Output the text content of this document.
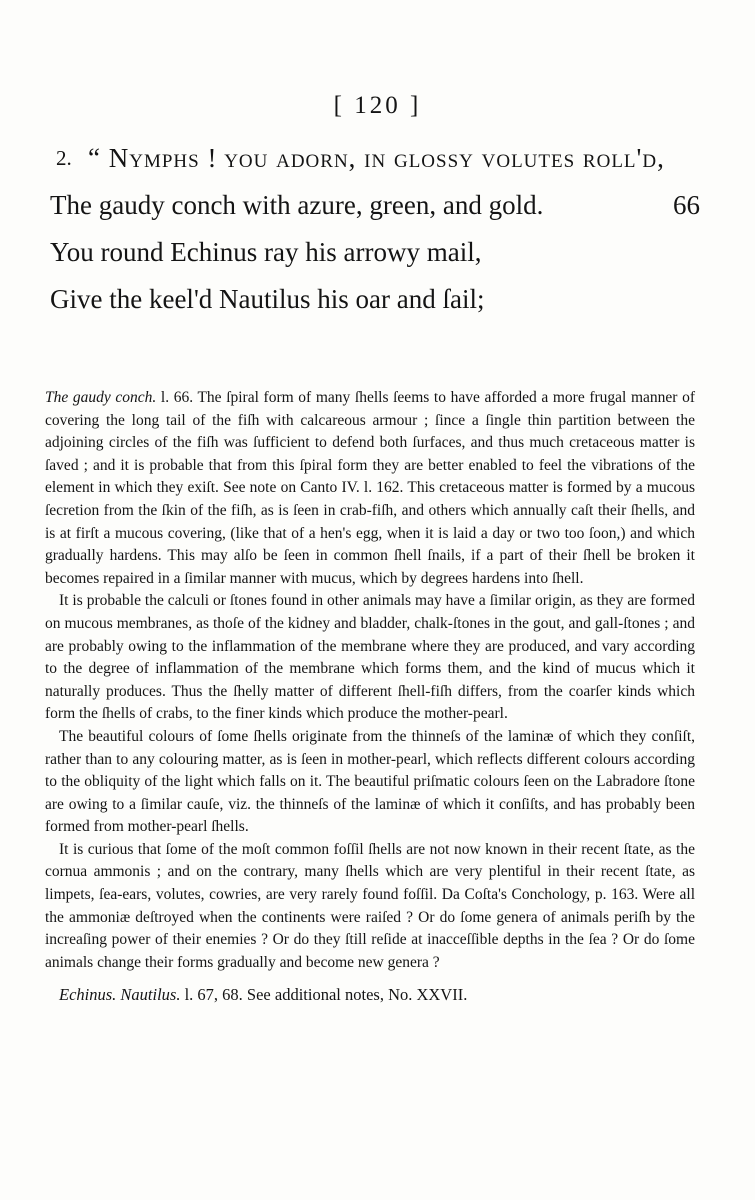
[ 120 ]
2. “ Nymphs ! you adorn, in gloſſy volutes roll'd,
The gaudy conch with azure, green, and gold.	66
You round Echinus ray his arrowy mail,
Give the keel'd Nautilus his oar and ſail;

The gaudy conch. l. 66. The ſpiral form of many ſhells ſeems to have afforded a more frugal manner of covering the long tail of the fiſh with calcareous armour ; ſince a ſingle thin partition between the adjoining circles of the fiſh was ſufficient to defend both ſurfaces, and thus much cretaceous matter is ſaved ; and it is probable that from this ſpiral form they are better enabled to feel the vibrations of the element in which they exiſt. See note on Canto IV. l. 162. This cretaceous matter is formed by a mucous ſecretion from the ſkin of the fiſh, as is ſeen in crab-fiſh, and others which annually caſt their ſhells, and is at firſt a mucous covering, (like that of a hen's egg, when it is laid a day or two too ſoon,) and which gradually hardens. This may alſo be ſeen in common ſhell ſnails, if a part of their ſhell be broken it becomes repaired in a ſimilar manner with mucus, which by degrees hardens into ſhell.

It is probable the calculi or ſtones found in other animals may have a ſimilar origin, as they are formed on mucous membranes, as thoſe of the kidney and bladder, chalk-ſtones in the gout, and gall-ſtones ; and are probably owing to the inflammation of the membrane where they are produced, and vary according to the degree of inflammation of the membrane which forms them, and the kind of mucus which it naturally produces. Thus the ſhelly matter of different ſhell-fiſh differs, from the coarſer kinds which form the ſhells of crabs, to the finer kinds which produce the mother-pearl.

The beautiful colours of ſome ſhells originate from the thinneſs of the laminæ of which they conſiſt, rather than to any colouring matter, as is ſeen in mother-pearl, which reflects different colours according to the obliquity of the light which falls on it. The beautiful priſmatic colours ſeen on the Labradore ſtone are owing to a ſimilar cauſe, viz. the thinneſs of the laminæ of which it conſiſts, and has probably been formed from mother-pearl ſhells.

It is curious that ſome of the moſt common foſſil ſhells are not now known in their recent ſtate, as the cornua ammonis ; and on the contrary, many ſhells which are very plentiful in their recent ſtate, as limpets, ſea-ears, volutes, cowries, are very rarely found foſſil. Da Coſta's Conchology, p. 163. Were all the ammoniæ deſtroyed when the continents were raiſed ? Or do ſome genera of animals periſh by the increaſing power of their enemies ? Or do they ſtill reſide at inacceſſible depths in the ſea ? Or do ſome animals change their forms gradually and become new genera ?

Echinus. Nautilus. l. 67, 68. See additional notes, No. XXVII.
